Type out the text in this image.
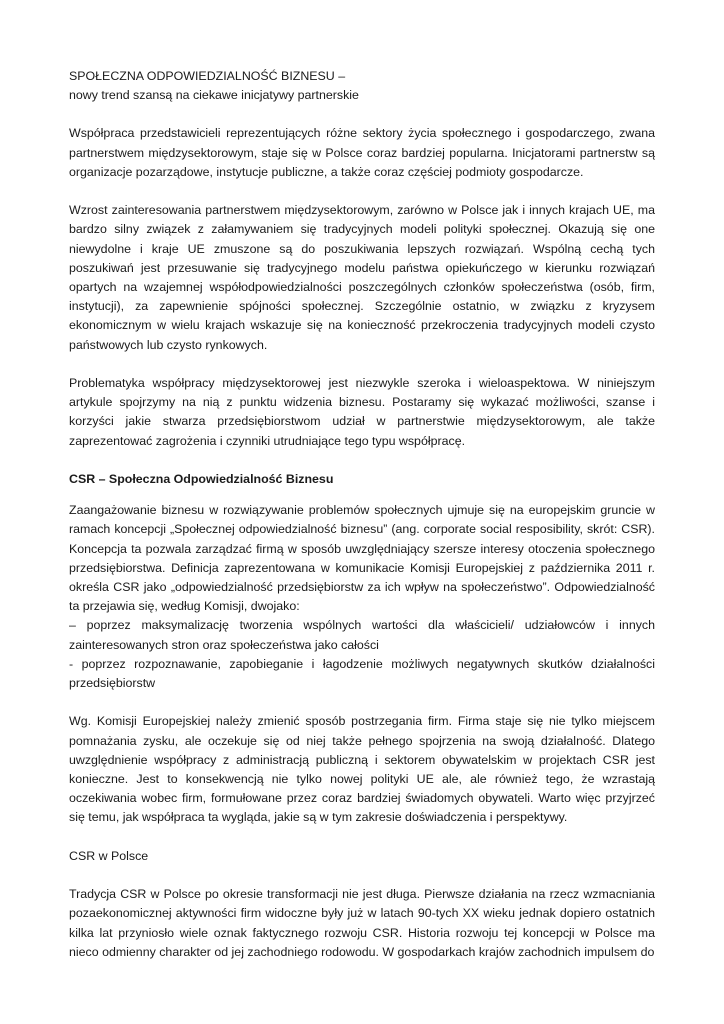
SPOŁECZNA ODPOWIEDZIALNOŚĆ BIZNESU –
nowy trend szansą na ciekawe inicjatywy partnerskie

Współpraca przedstawicieli reprezentujących różne sektory życia społecznego i gospodarczego, zwana partnerstwem międzysektorowym, staje się w Polsce coraz bardziej popularna. Inicjatorami partnerstw są organizacje pozarządowe, instytucje publiczne, a także coraz częściej podmioty gospodarcze.

Wzrost zainteresowania partnerstwem międzysektorowym, zarówno w Polsce jak i innych krajach UE, ma bardzo silny związek z załamywaniem się tradycyjnych modeli polityki społecznej. Okazują się one niewydolne i kraje UE zmuszone są do poszukiwania lepszych rozwiązań. Wspólną cechą tych poszukiwań jest przesuwanie się tradycyjnego modelu państwa opiekuńczego w kierunku rozwiązań opartych na wzajemnej współodpowiedzialności poszczególnych członków społeczeństwa (osób, firm, instytucji), za zapewnienie spójności społecznej. Szczególnie ostatnio, w związku z kryzysem ekonomicznym w wielu krajach wskazuje się na konieczność przekroczenia tradycyjnych modeli czysto państwowych lub czysto rynkowych.

Problematyka współpracy międzysektorowej jest niezwykle szeroka i wieloaspektowa. W niniejszym artykule spojrzymy na nią z punktu widzenia biznesu. Postaramy się wykazać możliwości, szanse i korzyści jakie stwarza przedsiębiorstwom udział w partnerstwie międzysektorowym, ale także zaprezentować zagrożenia i czynniki utrudniające tego typu współpracę.

CSR – Społeczna Odpowiedzialność Biznesu

Zaangażowanie biznesu w rozwiązywanie problemów społecznych ujmuje się na europejskim gruncie w ramach koncepcji „Społecznej odpowiedzialność biznesu” (ang. corporate social resposibility, skrót: CSR). Koncepcja ta pozwala zarządzać firmą w sposób uwzględniający szersze interesy otoczenia społecznego przedsiębiorstwa. Definicja zaprezentowana w komunikacie Komisji Europejskiej z października 2011 r. określa CSR jako „odpowiedzialność przedsiębiorstw za ich wpływ na społeczeństwo”. Odpowiedzialność ta przejawia się, według Komisji, dwojako:
– poprzez maksymalizację tworzenia wspólnych wartości dla właścicieli/ udziałowców i innych zainteresowanych stron oraz społeczeństwa jako całości
- poprzez rozpoznawanie, zapobieganie i łagodzenie możliwych negatywnych skutków działalności przedsiębiorstw

Wg. Komisji Europejskiej należy zmienić sposób postrzegania firm. Firma staje się nie tylko miejscem pomnażania zysku, ale oczekuje się od niej także pełnego spojrzenia na swoją działalność. Dlatego uwzględnienie współpracy z administracją publiczną i sektorem obywatelskim w projektach CSR jest konieczne. Jest to konsekwencją nie tylko nowej polityki UE ale, ale również tego, że wzrastają oczekiwania wobec firm, formułowane przez coraz bardziej świadomych obywateli. Warto więc przyjrzeć się temu, jak współpraca ta wygląda, jakie są w tym zakresie doświadczenia i perspektywy.

CSR w Polsce

Tradycja CSR w Polsce po okresie transformacji nie jest długa. Pierwsze działania na rzecz wzmacniania pozaekonomicznej aktywności firm widoczne były już w latach 90-tych XX wieku jednak dopiero ostatnich kilka lat przyniosło wiele oznak faktycznego rozwoju CSR. Historia rozwoju tej koncepcji w Polsce ma nieco odmienny charakter od jej zachodniego rodowodu. W gospodarkach krajów zachodnich impulsem do
